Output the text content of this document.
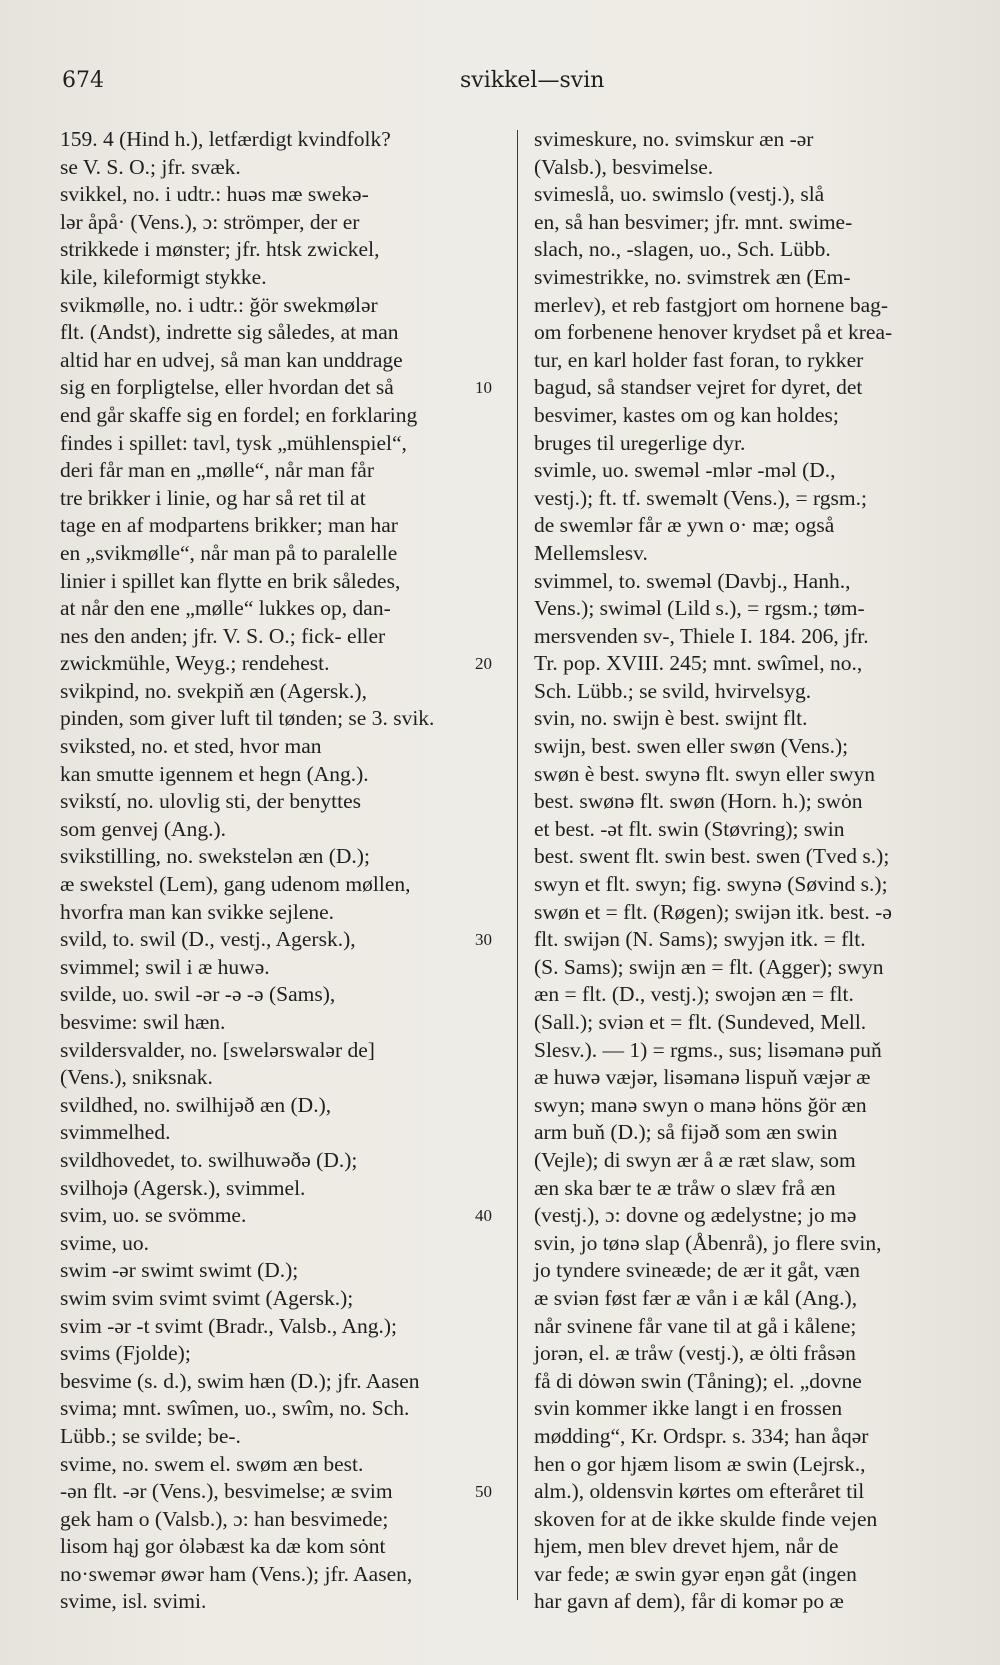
674	svikkel—svin
159. 4 (Hind h.), letfærdigt kvindfolk?
se V. S. O.; jfr. svæk.
svikkel, no. i udtr.: huəs mæ swekə-
lər åpå· (Vens.), ɔ: strömper, der er
strikkede i mønster; jfr. htsk zwickel,
kile, kileformigt stykke.
svikmølle, no. i udtr.: ğör swekmølər
flt. (Andst), indrette sig således, at man
altid har en udvej, så man kan unddrage
sig en forpligtelse, eller hvordan det så
end går skaffe sig en fordel; en forklaring
findes i spillet: tavl, tysk „mühlenspiel“,
deri får man en „mølle“, når man får
tre brikker i linie, og har så ret til at
tage en af modpartens brikker; man har
en „svikmølle“, når man på to paralelle
linier i spillet kan flytte en brik således,
at når den ene „mølle“ lukkes op, dan-
nes den anden; jfr. V. S. O.; fick- eller
zwickmühle, Weyg.; rendehest.
svikpind, no. svekpiň æn (Agersk.),
pinden, som giver luft til tønden; se 3. svik.
sviksted, no. et sted, hvor man
kan smutte igennem et hegn (Ang.).
svikstí, no. ulovlig sti, der benyttes
som genvej (Ang.).
svikstilling, no. swekstelən æn (D.);
æ swekstel (Lem), gang udenom møllen,
hvorfra man kan svikke sejlene.
svild, to. swil (D., vestj., Agersk.),
svimmel; swil i æ huwə.
svilde, uo. swil -ər -ə -ə (Sams),
besvime: swil hæn.
svildersvalder, no. [swelərswalər de]
(Vens.), sniksnak.
svildhed, no. swilhijəð æn (D.),
svimmelhed.
svildhovedet, to. swilhuwəðə (D.);
svilhojə (Agersk.), svimmel.
svim, uo. se svömme.
svime, uo.
swim -ər swimt swimt (D.);
swim svim svimt svimt (Agersk.);
svim -ər -t svimt (Bradr., Valsb., Ang.);
svims (Fjolde);
besvime (s. d.), swim hæn (D.); jfr. Aasen
svima; mnt. swîmen, uo., swîm, no. Sch.
Lübb.; se svilde; be-.
svime, no. swem el. swøm æn best.
-ən flt. -ər (Vens.), besvimelse; æ svim
gek ham o (Valsb.), ɔ: han besvimede;
lisom hąj gor ȯləbæst ka dæ kom sȯnt
no·swemər øwər ham (Vens.); jfr. Aasen,
svime, isl. svimi.
svimeskure, no. svimskur æn -ər
(Valsb.), besvimelse.
svimeslå, uo. swimslo (vestj.), slå
en, så han besvimer; jfr. mnt. swime-
slach, no., -slagen, uo., Sch. Lübb.
svimestrikke, no. svimstrek æn (Em-
merlev), et reb fastgjort om hornene bag-
om forbenene henover krydset på et krea-
tur, en karl holder fast foran, to rykker
bagud, så standser vejret for dyret, det
besvimer, kastes om og kan holdes;
bruges til uregerlige dyr.
svimle, uo. sweməl -mlər -məl (D.,
vestj.); ft. tf. swemәlt (Vens.), = rgsm.;
de swemlər får æ ywn o· mæ; også
Mellemslesv.
svimmel, to. swemәl (Davbj., Hanh.,
Vens.); swiməl (Lild s.), = rgsm.; tøm-
mersvenden sv-, Thiele I. 184. 206, jfr.
Tr. pop. XVIII. 245; mnt. swîmel, no.,
Sch. Lübb.; se svild, hvirvelsyg.
svin, no. swijn è best. swijnt flt.
swijn, best. swen eller swøn (Vens.);
swøn è best. swynə flt. swyn eller swyn
best. swønə flt. swøn (Horn. h.); swȯn
et best. -ət flt. swin (Støvring); swin
best. swent flt. swin best. swen (Tved s.);
swyn et flt. swyn; fig. swynə (Søvind s.);
swøn et = flt. (Røgen); swijən itk. best. -ə
flt. swijən (N. Sams); swyjən itk. = flt.
(S. Sams); swijn æn = flt. (Agger); swyn
æn = flt. (D., vestj.); swojən æn = flt.
(Sall.); sviən et = flt. (Sundeved, Mell.
Slesv.). — 1) = rgms., sus; lisəmanə puň
æ huwə væjər, lisəmanə lispuň væjər æ
swyn; manə swyn o manə höns ğör æn
arm buň (D.); så fijəð som æn swin
(Vejle); di swyn ær å æ ræt slaw, som
æn ska bær te æ tråw o slæv frå æn
(vestj.), ɔ: dovne og ædelystne; jo mə
svin, jo tønə slap (Åbenrå), jo flere svin,
jo tyndere svineæde; de ær it gåt, væn
æ sviən føst fær æ vån i æ kål (Ang.),
når svinene får vane til at gå i kålene;
jorən, el. æ tråw (vestj.), æ ȯlti fråsən
få di dȯwən swin (Tåning); el. „dovne
svin kommer ikke langt i en frossen
mødding“, Kr. Ordspr. s. 334; han åqər
hen o gor hjæm lisom æ swin (Lejrsk.,
alm.), oldensvin kørtes om efteråret til
skoven for at de ikke skulde finde vejen
hjem, men blev drevet hjem, når de
var fede; æ swin gyər eŋən gåt (ingen
har gavn af dem), får di komər po æ
10
20
30
40
50
